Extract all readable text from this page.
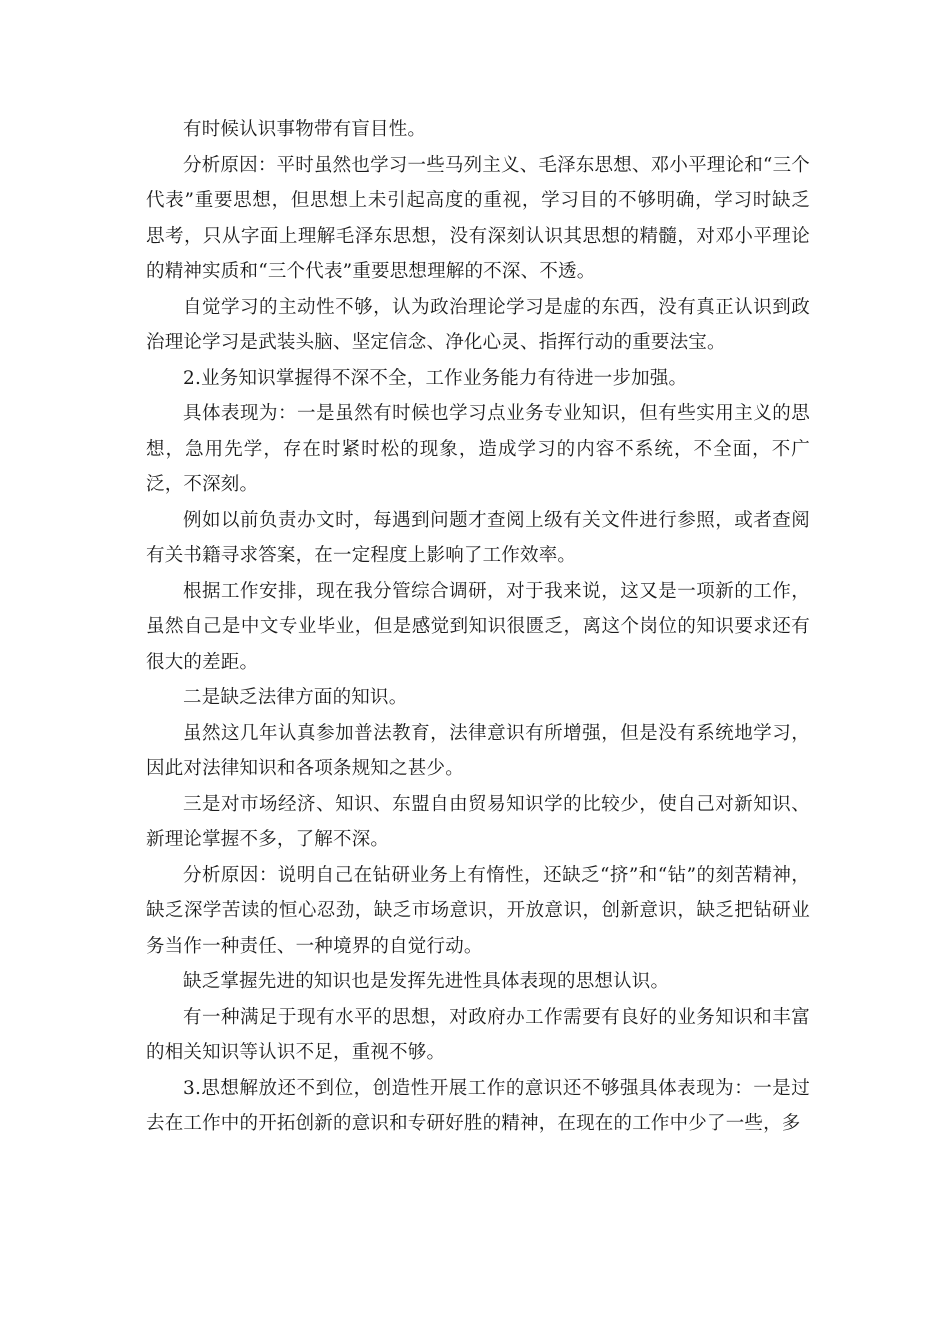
有时候认识事物带有盲目性。

分析原因：平时虽然也学习一些马列主义、毛泽东思想、邓小平理论和“三个代表”重要思想，但思想上未引起高度的重视，学习目的不够明确，学习时缺乏思考，只从字面上理解毛泽东思想，没有深刻认识其思想的精髓，对邓小平理论的精神实质和“三个代表”重要思想理解的不深、不透。

自觉学习的主动性不够，认为政治理论学习是虚的东西，没有真正认识到政治理论学习是武装头脑、坚定信念、净化心灵、指挥行动的重要法宝。

2.业务知识掌握得不深不全，工作业务能力有待进一步加强。

具体表现为：一是虽然有时候也学习点业务专业知识，但有些实用主义的思想，急用先学，存在时紧时松的现象，造成学习的内容不系统，不全面，不广泛，不深刻。

例如以前负责办文时，每遇到问题才查阅上级有关文件进行参照，或者查阅有关书籍寻求答案，在一定程度上影响了工作效率。

根据工作安排，现在我分管综合调研，对于我来说，这又是一项新的工作，虽然自己是中文专业毕业，但是感觉到知识很匮乏，离这个岗位的知识要求还有很大的差距。

二是缺乏法律方面的知识。

虽然这几年认真参加普法教育，法律意识有所增强，但是没有系统地学习，因此对法律知识和各项条规知之甚少。

三是对市场经济、知识、东盟自由贸易知识学的比较少，使自己对新知识、新理论掌握不多，了解不深。

分析原因：说明自己在钻研业务上有惰性，还缺乏“挤”和“钻”的刻苦精神，缺乏深学苦读的恒心忍劲，缺乏市场意识，开放意识，创新意识，缺乏把钻研业务当作一种责任、一种境界的自觉行动。

缺乏掌握先进的知识也是发挥先进性具体表现的思想认识。

有一种满足于现有水平的思想，对政府办工作需要有良好的业务知识和丰富的相关知识等认识不足，重视不够。

3.思想解放还不到位，创造性开展工作的意识还不够强具体表现为：一是过去在工作中的开拓创新的意识和专研好胜的精神，在现在的工作中少了一些，多
